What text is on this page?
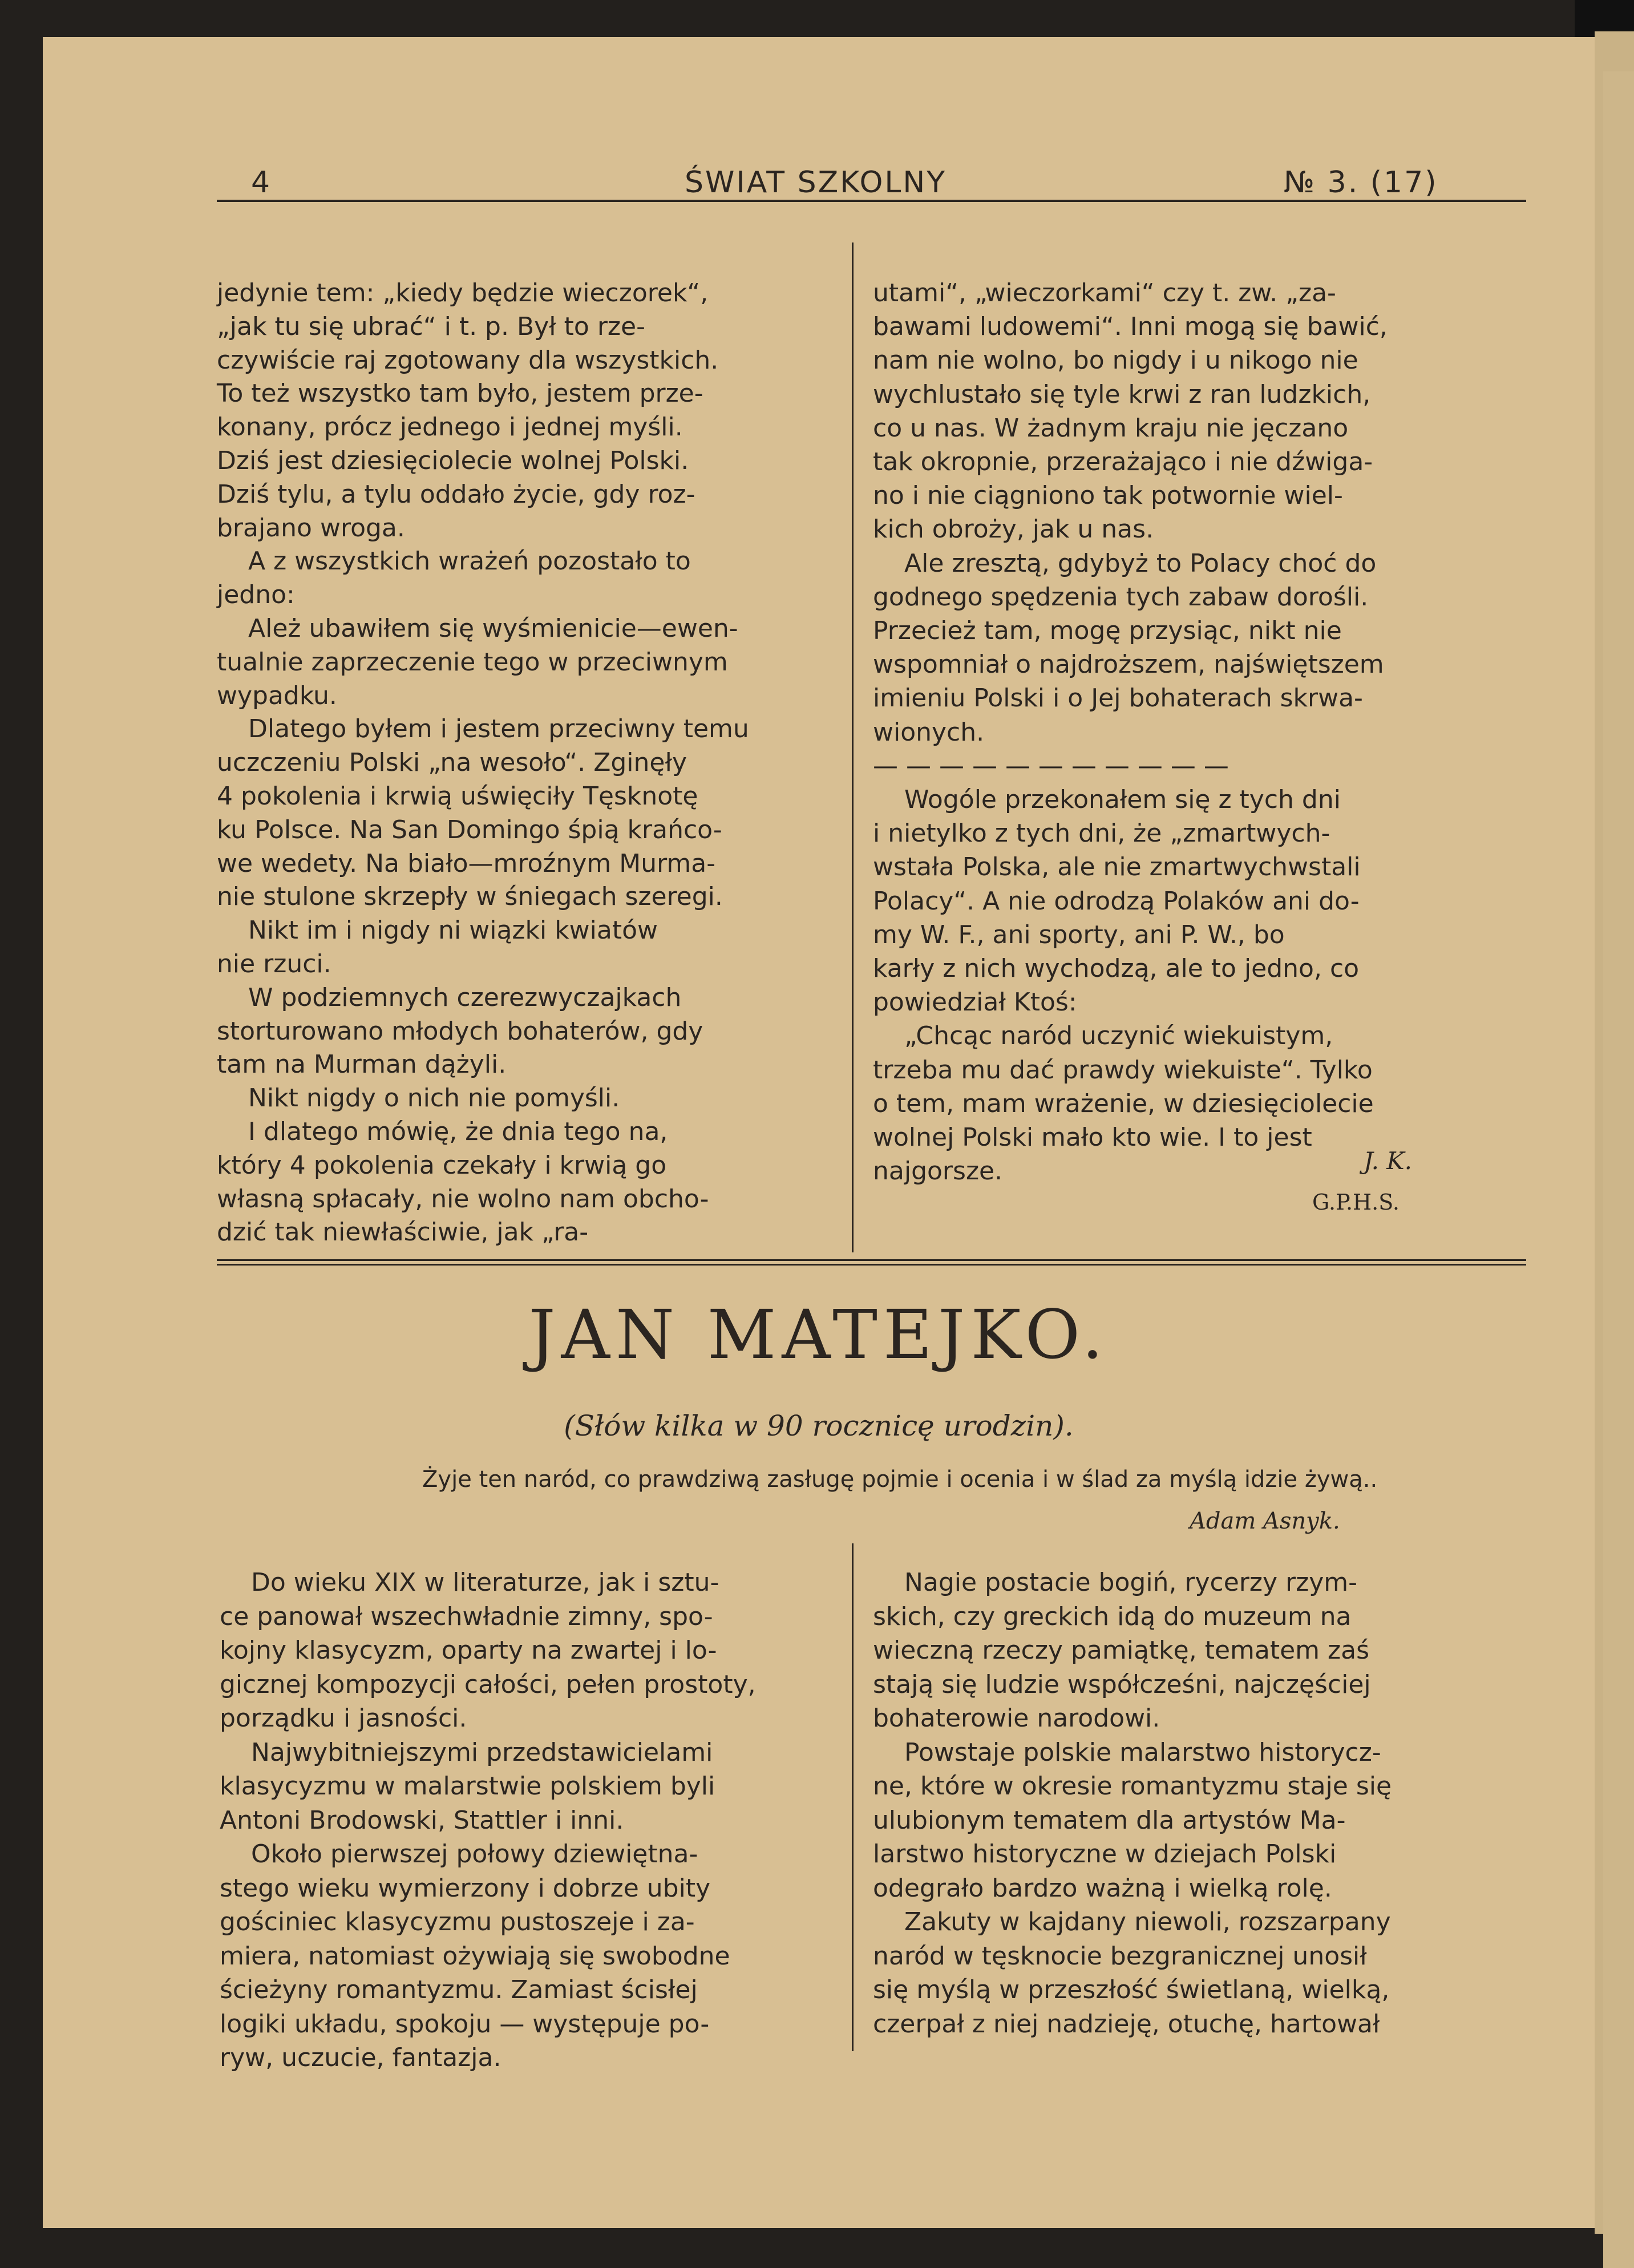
4	ŚWIAT SZKOLNY	№ 3. (17)
jedynie tem: „kiedy będzie wieczorek“,
„jak tu się ubrać“ i t. p. Był to rze-
czywiście raj zgotowany dla wszystkich.
To też wszystko tam było, jestem prze-
konany, prócz jednego i jednej myśli.
Dziś jest dziesięciolecie wolnej Polski.
Dziś tylu, a tylu oddało życie, gdy roz-
brajano wroga.
A z wszystkich wrażeń pozostało to
jedno:
Ależ ubawiłem się wyśmienicie—ewen-
tualnie zaprzeczenie tego w przeciwnym
wypadku.
Dlatego byłem i jestem przeciwny temu
uczczeniu Polski „na wesoło“. Zginęły
4 pokolenia i krwią uświęciły Tęsknotę
ku Polsce. Na San Domingo śpią krańco-
we wedety. Na biało—mroźnym Murma-
nie stulone skrzepły w śniegach szeregi.
Nikt im i nigdy ni wiązki kwiatów
nie rzuci.
W podziemnych czerezwyczajkach
storturowano młodych bohaterów, gdy
tam na Murman dążyli.
Nikt nigdy o nich nie pomyśli.
I dlatego mówię, że dnia tego na,
który 4 pokolenia czekały i krwią go
własną spłacały, nie wolno nam obcho-
dzić tak niewłaściwie, jak „ra-
utami“, „wieczorkami“ czy t. zw. „za-
bawami ludowemi“. Inni mogą się bawić,
nam nie wolno, bo nigdy i u nikogo nie
wychlustało się tyle krwi z ran ludzkich,
co u nas. W żadnym kraju nie jęczano
tak okropnie, przerażająco i nie dźwiga-
no i nie ciągniono tak potwornie wiel-
kich obroży, jak u nas.
Ale zresztą, gdybyż to Polacy choć do
godnego spędzenia tych zabaw dorośli.
Przecież tam, mogę przysiąc, nikt nie
wspomniał o najdroższem, najświętszem
imieniu Polski i o Jej bohaterach skrwa-
wionych.
— — — — — — — — — — —
Wogóle przekonałem się z tych dni
i nietylko z tych dni, że „zmartwych-
wstała Polska, ale nie zmartwychwstali
Polacy“. A nie odrodzą Polaków ani do-
my W. F., ani sporty, ani P. W., bo
karły z nich wychodzą, ale to jedno, co
powiedział Ktoś:
„Chcąc naród uczynić wiekuistym,
trzeba mu dać prawdy wiekuiste“. Tylko
o tem, mam wrażenie, w dziesięciolecie
wolnej Polski mało kto wie. I to jest
najgorsze.	J. K.
G.P.H.S.
JAN MATEJKO.
(Słów kilka w 90 rocznicę urodzin).
Żyje ten naród, co prawdziwą zasługę pojmie i ocenia i w ślad za myślą idzie żywą..
Adam Asnyk.
Do wieku XIX w literaturze, jak i sztu-
ce panował wszechwładnie zimny, spo-
kojny klasycyzm, oparty na zwartej i lo-
gicznej kompozycji całości, pełen prostoty,
porządku i jasności.
Najwybitniejszymi przedstawicielami
klasycyzmu w malarstwie polskiem byli
Antoni Brodowski, Stattler i inni.
Około pierwszej połowy dziewiętna-
stego wieku wymierzony i dobrze ubity
gościniec klasycyzmu pustoszeje i za-
miera, natomiast ożywiają się swobodne
ścieżyny romantyzmu. Zamiast ścisłej
logiki układu, spokoju — występuje po-
ryw, uczucie, fantazja.
Nagie postacie bogiń, rycerzy rzym-
skich, czy greckich idą do muzeum na
wieczną rzeczy pamiątkę, tematem zaś
stają się ludzie współcześni, najczęściej
bohaterowie narodowi.
Powstaje polskie malarstwo historycz-
ne, które w okresie romantyzmu staje się
ulubionym tematem dla artystów Ma-
larstwo historyczne w dziejach Polski
odegrało bardzo ważną i wielką rolę.
Zakuty w kajdany niewoli, rozszarpany
naród w tęsknocie bezgranicznej unosił
się myślą w przeszłość świetlaną, wielką,
czerpał z niej nadzieję, otuchę, hartował
